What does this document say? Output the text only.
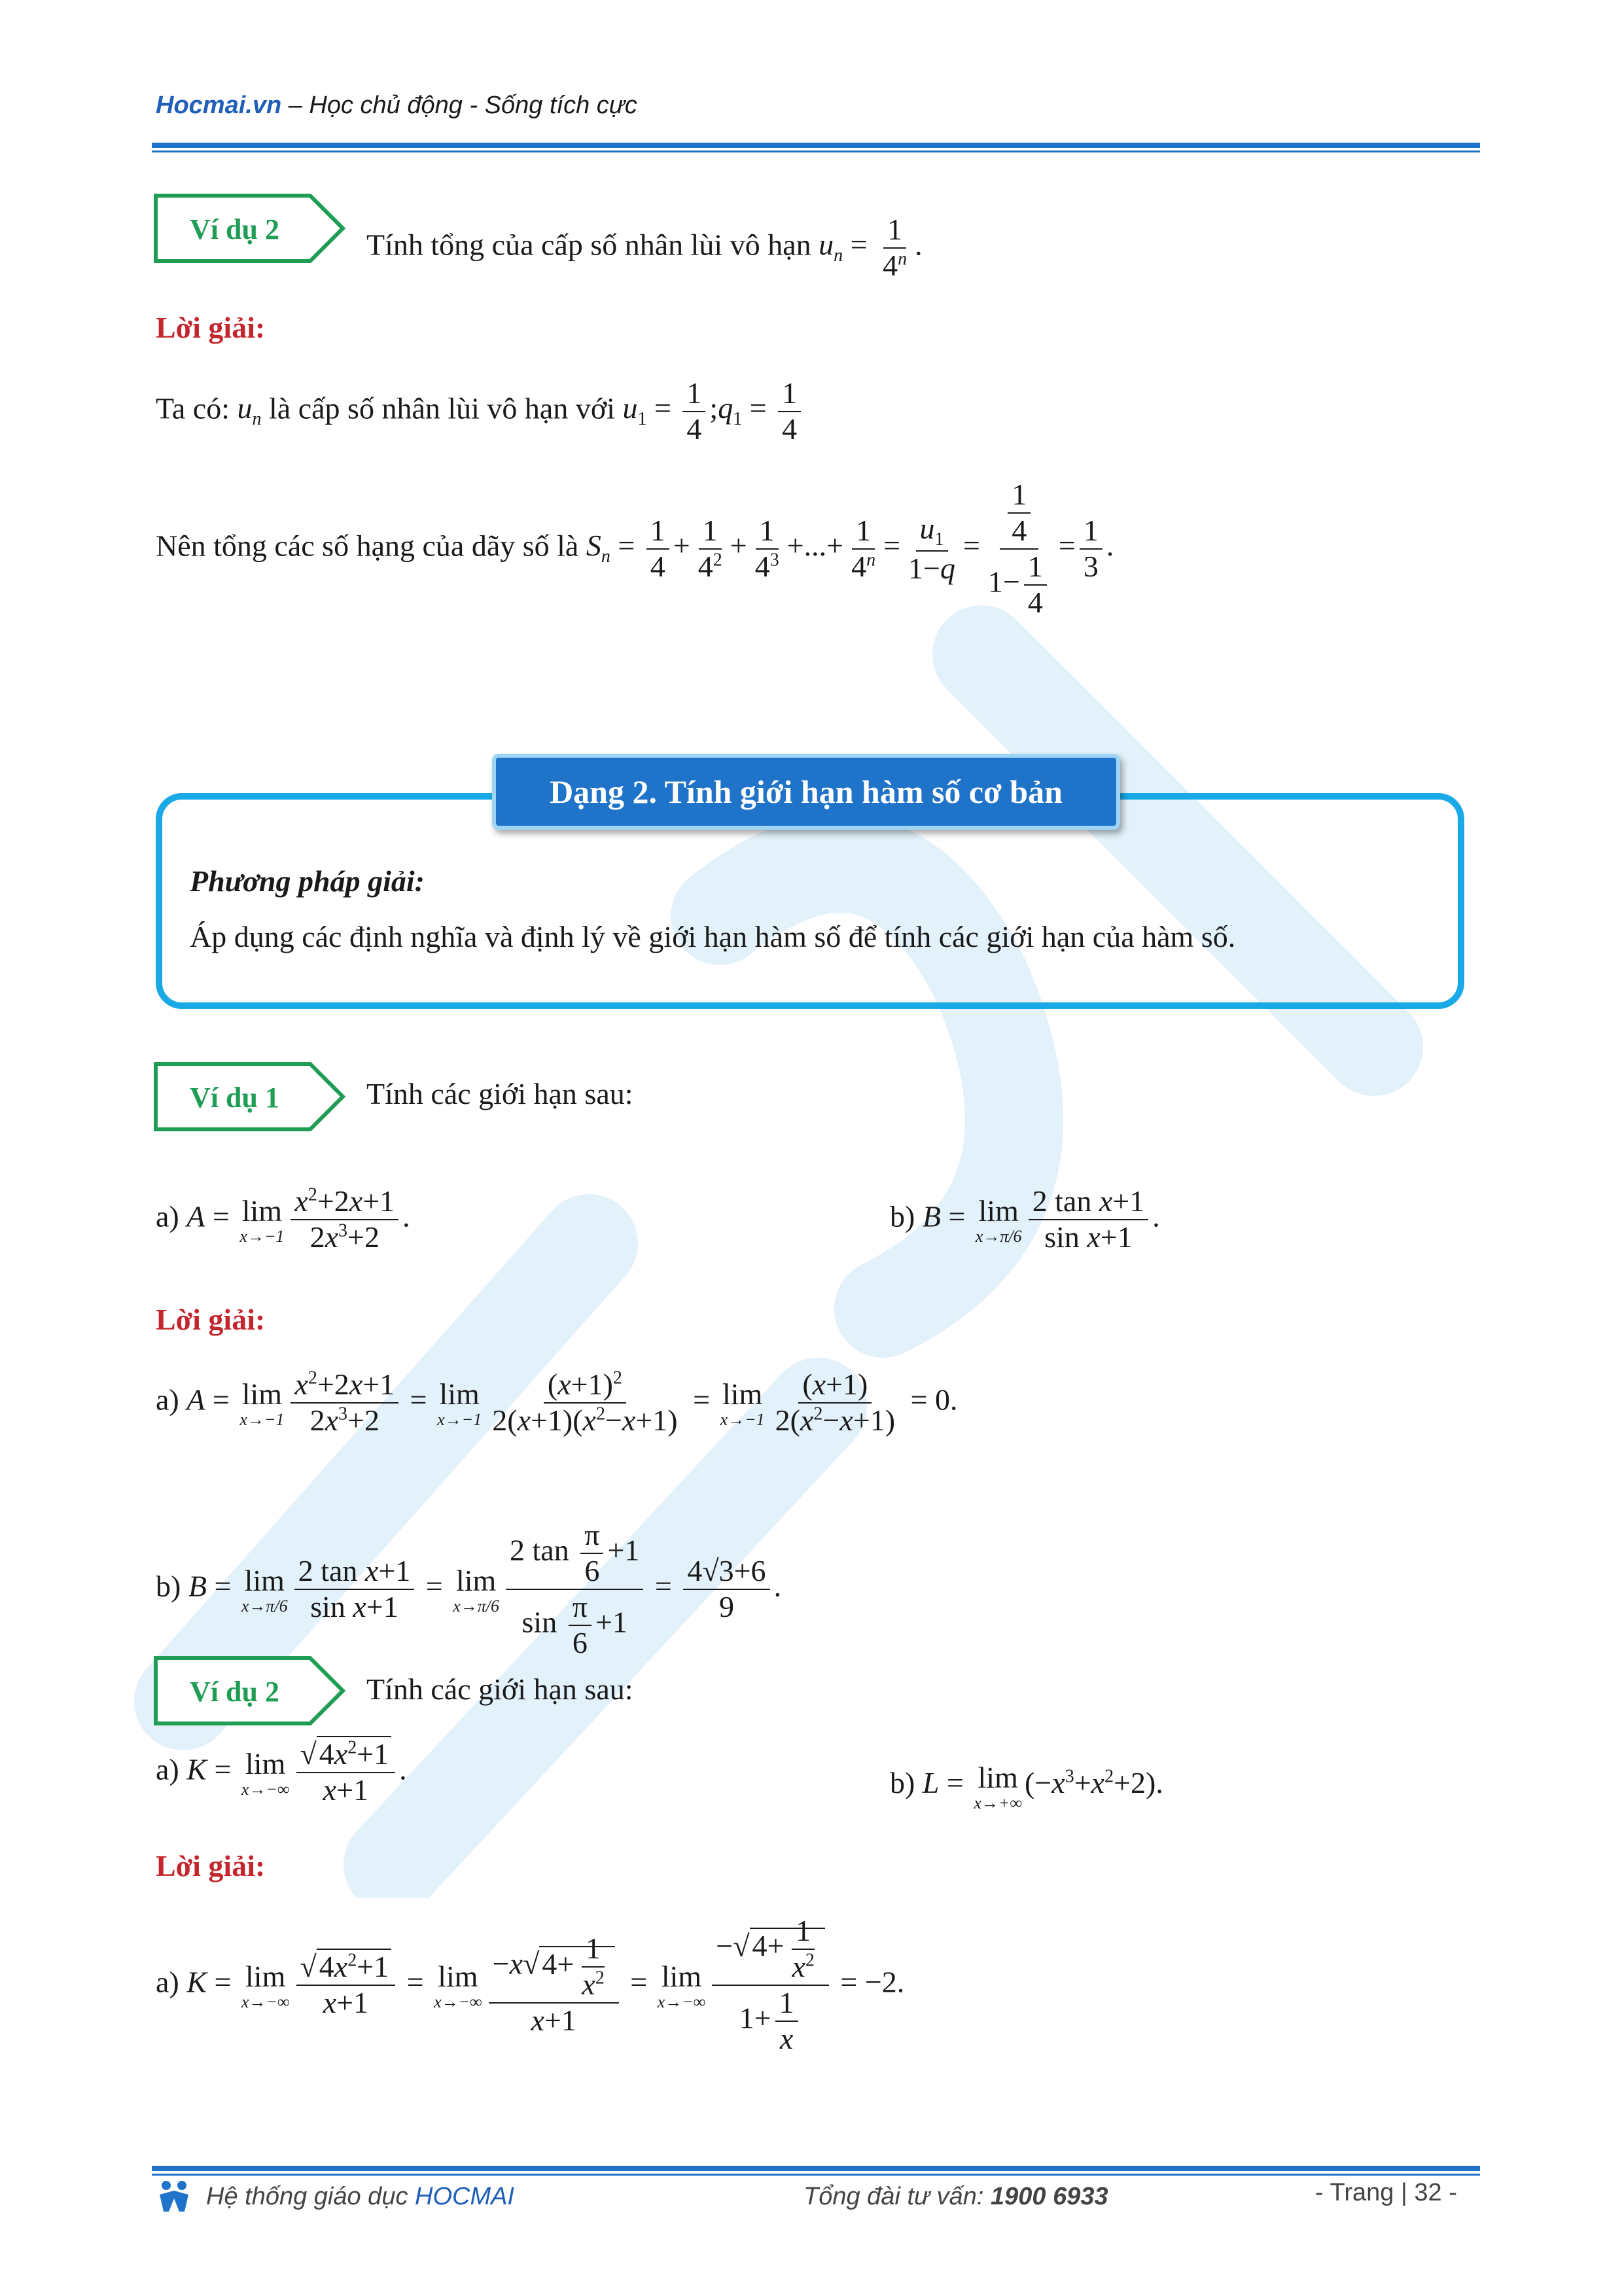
Hocmai.vn – Học chủ động - Sống tích cực
Ví dụ 2	Tính tổng của cấp số nhân lùi vô hạn $u_n = \frac{1}{4^n}$ .
Lời giải:
Ta có: $u_n$ là cấp số nhân lùi vô hạn với $u_1 = \frac{1}{4}$ $;q_1 = \frac{1}{4}$
Nên tổng các số hạng của dãy số là $S_n = \frac{1}{4} + \frac{1}{4^2} + \frac{1}{4^3}$ +...+ $\frac{1}{4^n} = \frac{u_1}{1-q} = \frac{\frac{1}{4}}{1- \frac{1}{4}} = \frac{1}{3}$ .
Dạng 2. Tính giới hạn hàm số cơ bản
Phương pháp giải:
Áp dụng các định nghĩa và định lý về giới hạn hàm số để tính các giới hạn của hàm số.
Ví dụ 1	Tính các giới hạn sau:
a) A = lim
$x\to-1 \frac{x^2+2x+1}{2x^3+2}$ .	b) B = lim
$x\to\pi/6 \frac{\text{2 tan x+1}}{\text{sin x+1}}$ .
Lời giải:
a) A = lim
$x\to-1 \frac{x^2+2x+1}{2x^3+2} = \lim$
$x\to-1 \frac{(x+1)^2}{2(x+1)(x^2-x+1)} = \lim$
$x\to-1 \frac{(x+1)}{2(x^2-x+1)} = 0$.
b) B = lim
$x\to\pi/6 \frac{\text{2 tan x+1}}{\text{sin x+1}} = \lim$
$x\to\pi/6 \frac{2 \tan \frac{\pi}{6} +1}{\sin \frac{\pi}{6} +1} = \frac{4√3+6}{9}$ .
Ví dụ 2	Tính các giới hạn sau:
a) K = lim
$x\to-\infty \frac{√4x^2+1}{x+1}$ .	b) L = lim
x→+∞
$(-x^3+x^2+2)$.
Lời giải:
a) K = lim
$x\to-\infty \frac{√4x^2+1}{x+1} = \lim$
$x\to-\infty \frac{-x√4+ \frac{1}{x^2}}{x+1} = \lim$
$x\to-\infty \frac{-√4+ \frac{1}{x^2}}{1+ \frac{1}{x}} = -2$.
Hệ thống giáo dục HOCMAI	Tổng đài tư vấn: 1900 6933	- Trang | 32 -
